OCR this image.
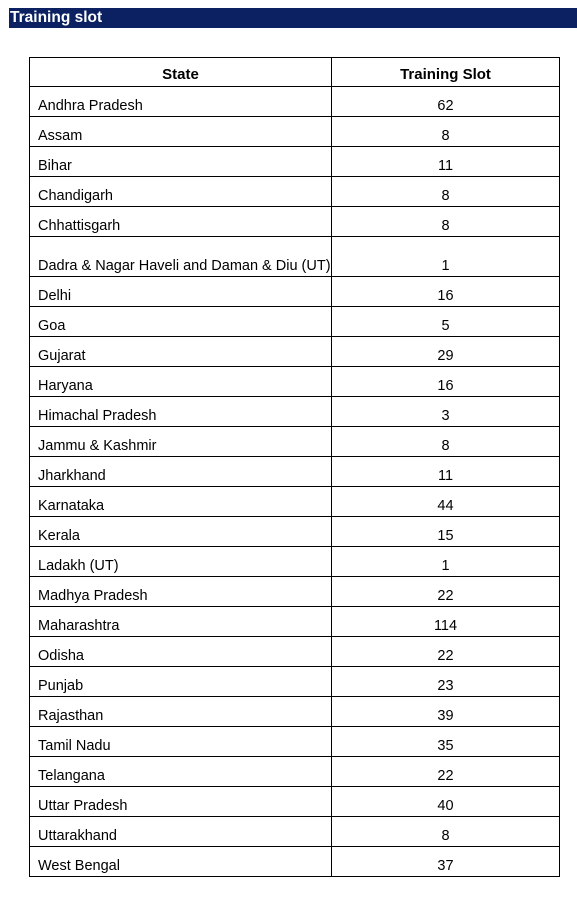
Training slot
State	Training Slot
Andhra Pradesh	62
Assam	8
Bihar	11
Chandigarh	8
Chhattisgarh	8
Dadra & Nagar Haveli and Daman & Diu (UT)	1
Delhi	16
Goa	5
Gujarat	29
Haryana	16
Himachal Pradesh	3
Jammu & Kashmir	8
Jharkhand	11
Karnataka	44
Kerala	15
Ladakh (UT)	1
Madhya Pradesh	22
Maharashtra	114
Odisha	22
Punjab	23
Rajasthan	39
Tamil Nadu	35
Telangana	22
Uttar Pradesh	40
Uttarakhand	8
West Bengal	37
